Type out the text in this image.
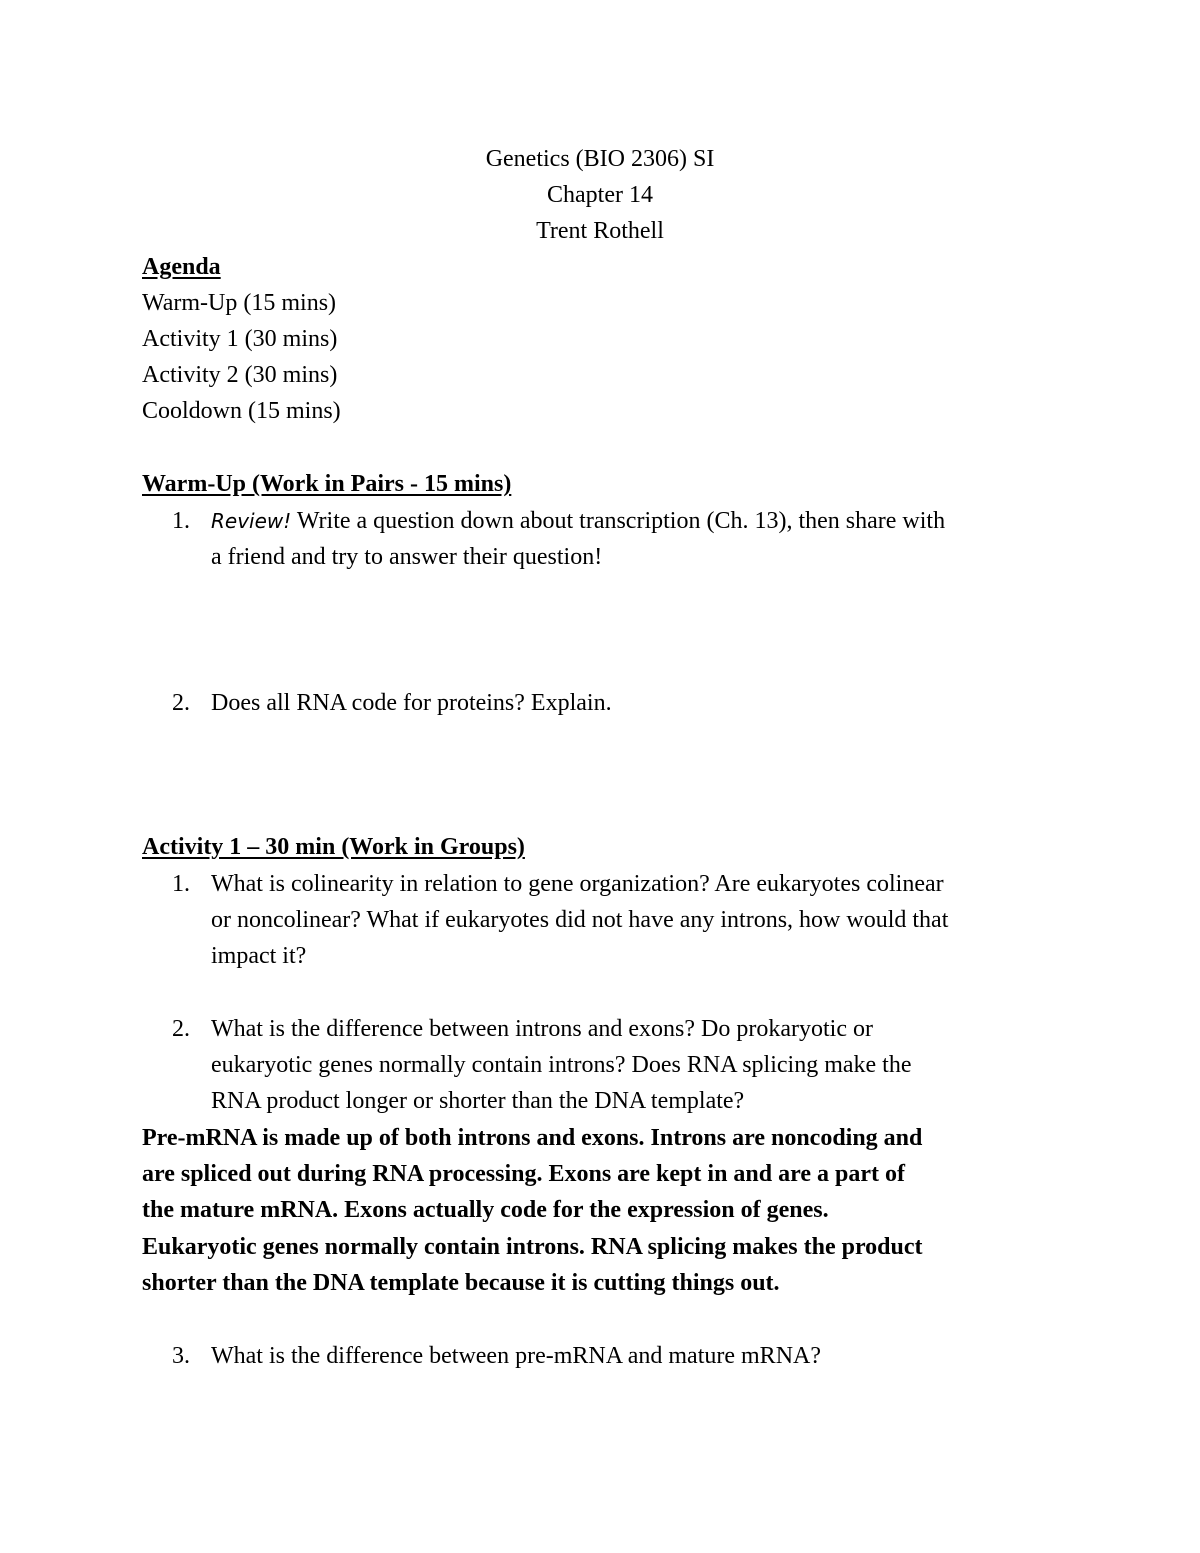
Genetics (BIO 2306) SI
Chapter 14
Trent Rothell
Agenda
Warm-Up (15 mins)
Activity 1 (30 mins)
Activity 2 (30 mins)
Cooldown (15 mins)
Warm-Up (Work in Pairs - 15 mins)
1. Review! Write a question down about transcription (Ch. 13), then share with
a friend and try to answer their question!
2. Does all RNA code for proteins? Explain.
Activity 1 – 30 min (Work in Groups)
1. What is colinearity in relation to gene organization? Are eukaryotes colinear
or noncolinear? What if eukaryotes did not have any introns, how would that
impact it?
2. What is the difference between introns and exons? Do prokaryotic or
eukaryotic genes normally contain introns? Does RNA splicing make the
RNA product longer or shorter than the DNA template?
Pre-mRNA is made up of both introns and exons. Introns are noncoding and
are spliced out during RNA processing. Exons are kept in and are a part of
the mature mRNA. Exons actually code for the expression of genes.
Eukaryotic genes normally contain introns. RNA splicing makes the product
shorter than the DNA template because it is cutting things out.
3. What is the difference between pre-mRNA and mature mRNA?
